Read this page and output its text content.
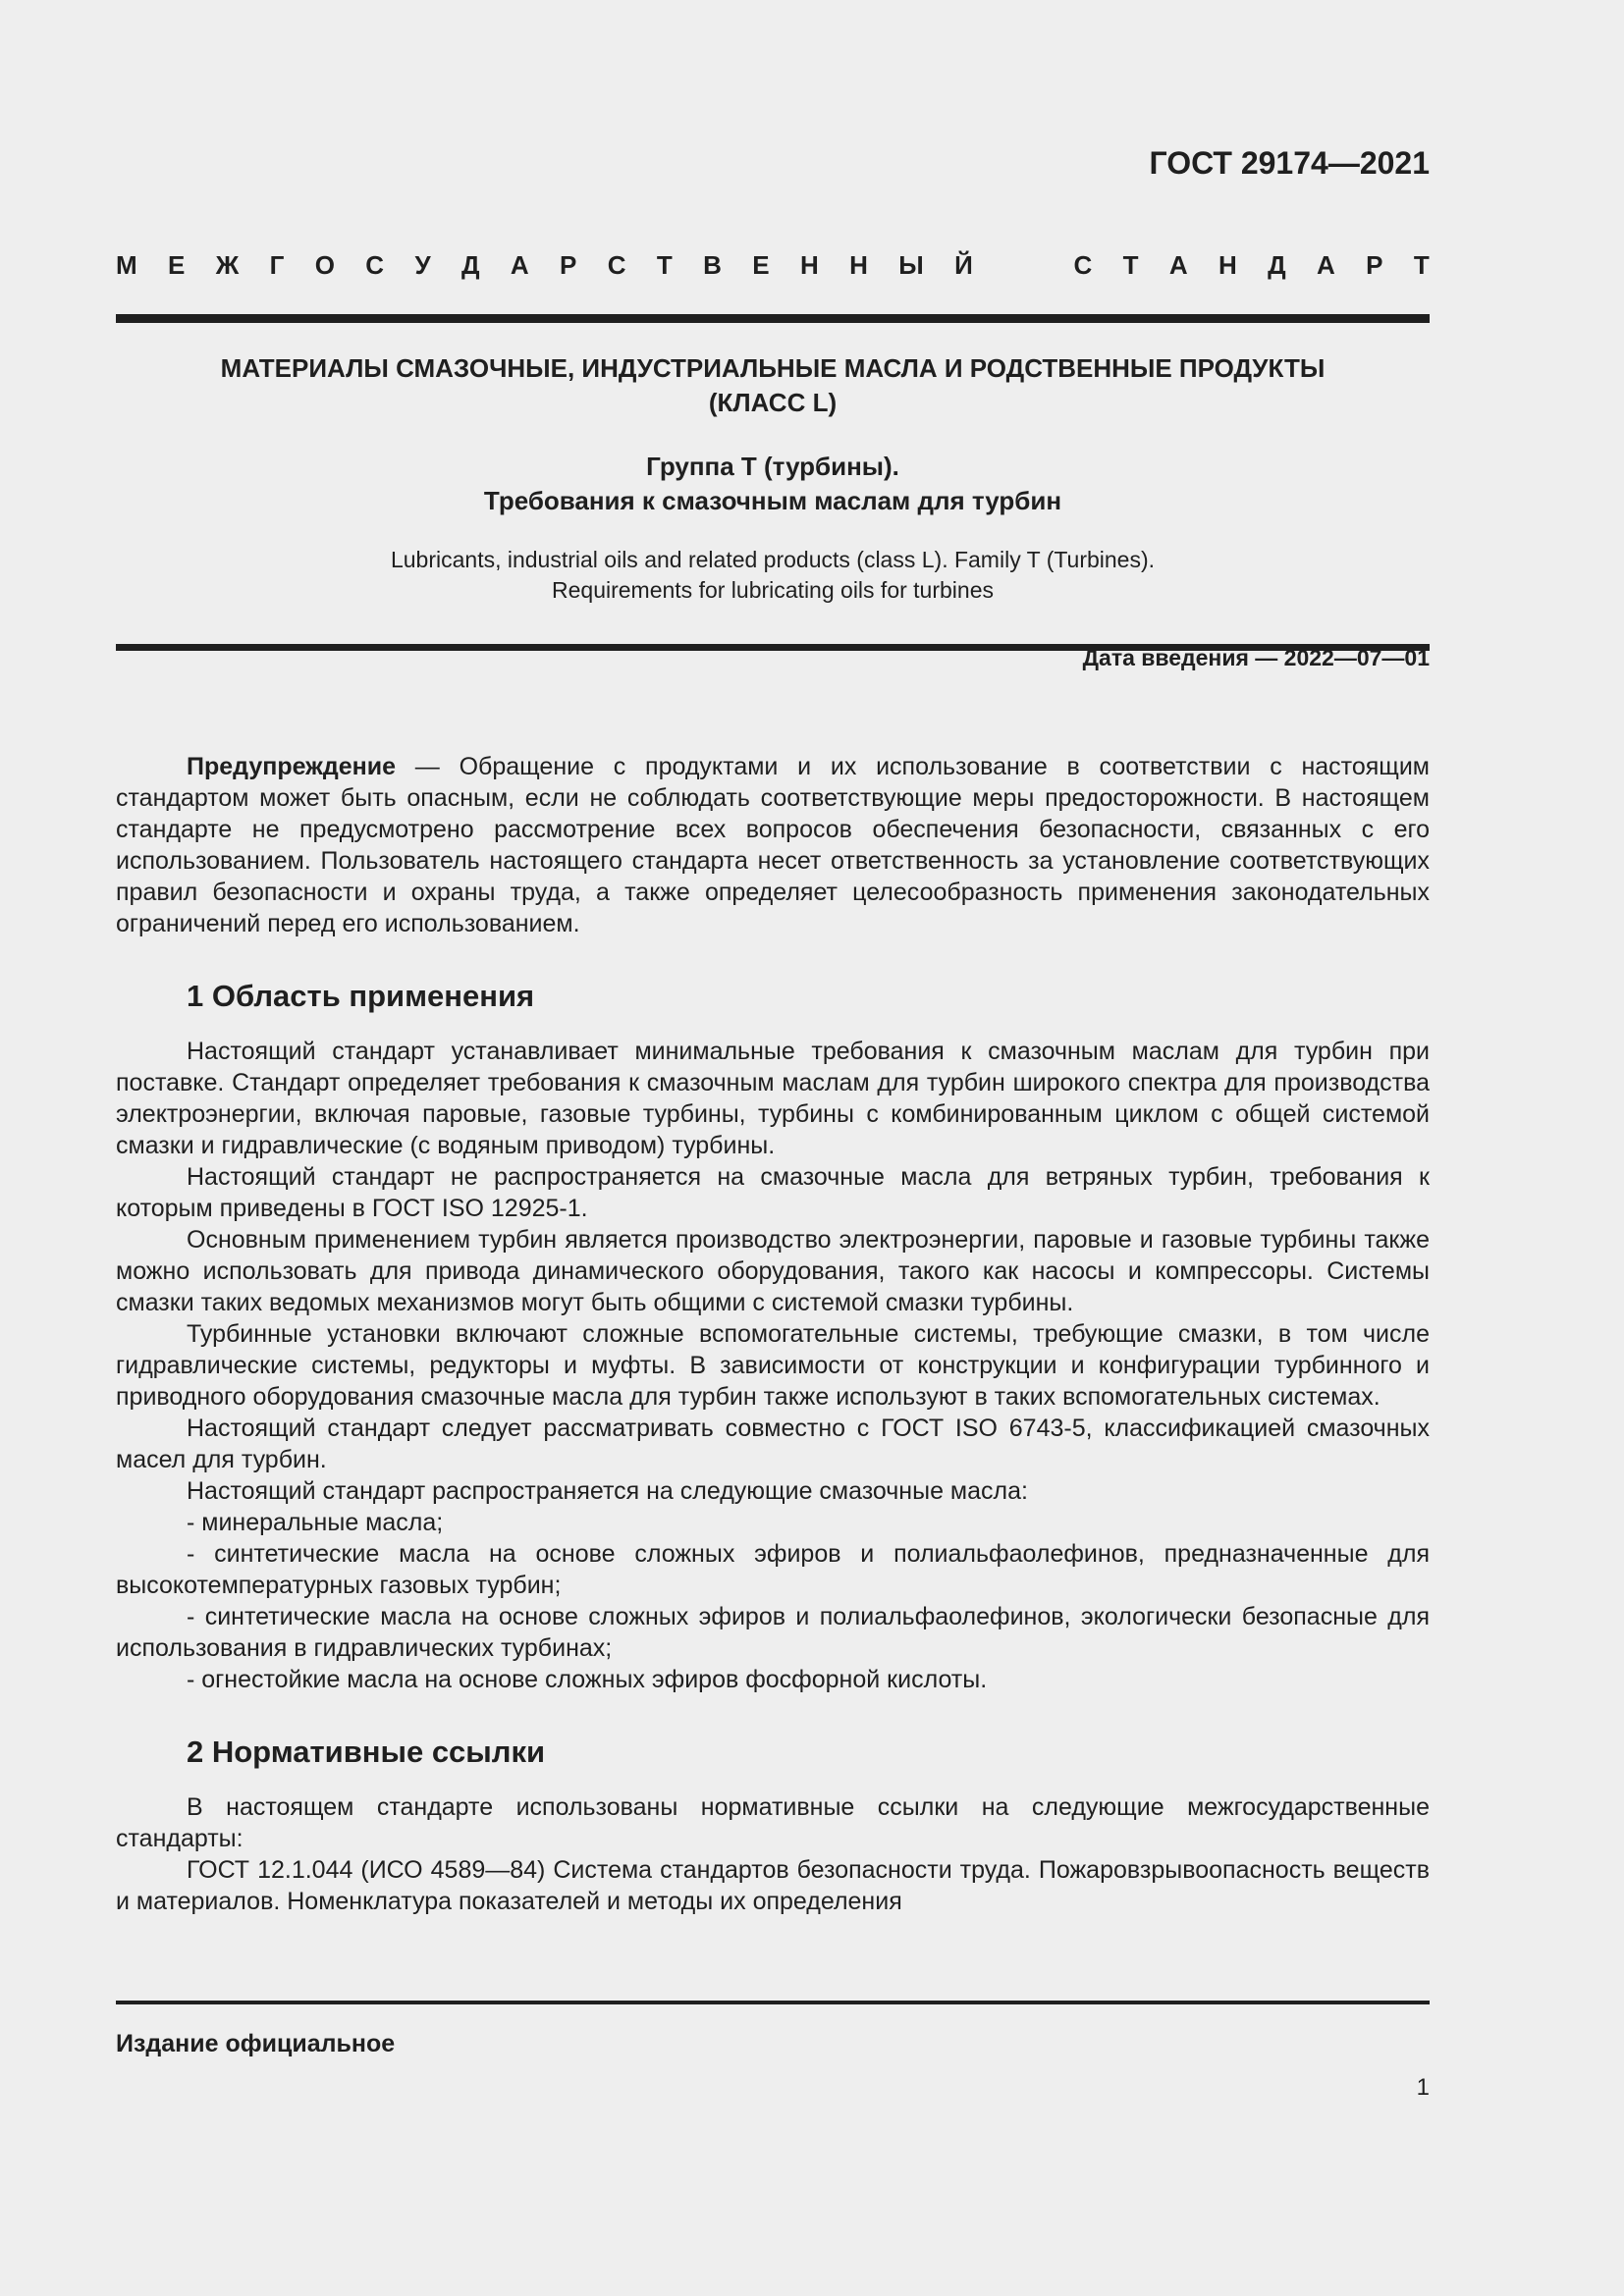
ГОСТ 29174—2021
М Е Ж Г О С У Д А Р С Т В Е Н Н Ы Й	С Т А Н Д А Р Т
МАТЕРИАЛЫ СМАЗОЧНЫЕ, ИНДУСТРИАЛЬНЫЕ МАСЛА И РОДСТВЕННЫЕ ПРОДУКТЫ
(КЛАСС L)
Группа Т (турбины).
Требования к смазочным маслам для турбин
Lubricants, industrial oils and related products (class L). Family T (Turbines).
Requirements for lubricating oils for turbines
Дата введения — 2022—07—01

Предупреждение — Обращение с продуктами и их использование в соответствии с настоящим стандартом может быть опасным, если не соблюдать соответствующие меры предосторожности. В настоящем стандарте не предусмотрено рассмотрение всех вопросов обеспечения безопасности, связанных с его использованием. Пользователь настоящего стандарта несет ответственность за установление соответствующих правил безопасности и охраны труда, а также определяет целесообразность применения законодательных ограничений перед его использованием.

1 Область применения

Настоящий стандарт устанавливает минимальные требования к смазочным маслам для турбин при поставке. Стандарт определяет требования к смазочным маслам для турбин широкого спектра для производства электроэнергии, включая паровые, газовые турбины, турбины с комбинированным циклом с общей системой смазки и гидравлические (с водяным приводом) турбины.

Настоящий стандарт не распространяется на смазочные масла для ветряных турбин, требования к которым приведены в ГОСТ ISO 12925-1.

Основным применением турбин является производство электроэнергии, паровые и газовые турбины также можно использовать для привода динамического оборудования, такого как насосы и компрессоры. Системы смазки таких ведомых механизмов могут быть общими с системой смазки турбины.

Турбинные установки включают сложные вспомогательные системы, требующие смазки, в том числе гидравлические системы, редукторы и муфты. В зависимости от конструкции и конфигурации турбинного и приводного оборудования смазочные масла для турбин также используют в таких вспомогательных системах.

Настоящий стандарт следует рассматривать совместно с ГОСТ ISO 6743-5, классификацией смазочных масел для турбин.

Настоящий стандарт распространяется на следующие смазочные масла:

- минеральные масла;

- синтетические масла на основе сложных эфиров и полиальфаолефинов, предназначенные для высокотемпературных газовых турбин;

- синтетические масла на основе сложных эфиров и полиальфаолефинов, экологически безопасные для использования в гидравлических турбинах;

- огнестойкие масла на основе сложных эфиров фосфорной кислоты.

2 Нормативные ссылки

В настоящем стандарте использованы нормативные ссылки на следующие межгосударственные стандарты:

ГОСТ 12.1.044 (ИСО 4589—84) Система стандартов безопасности труда. Пожаровзрывоопасность веществ и материалов. Номенклатура показателей и методы их определения

Издание официальное
1
